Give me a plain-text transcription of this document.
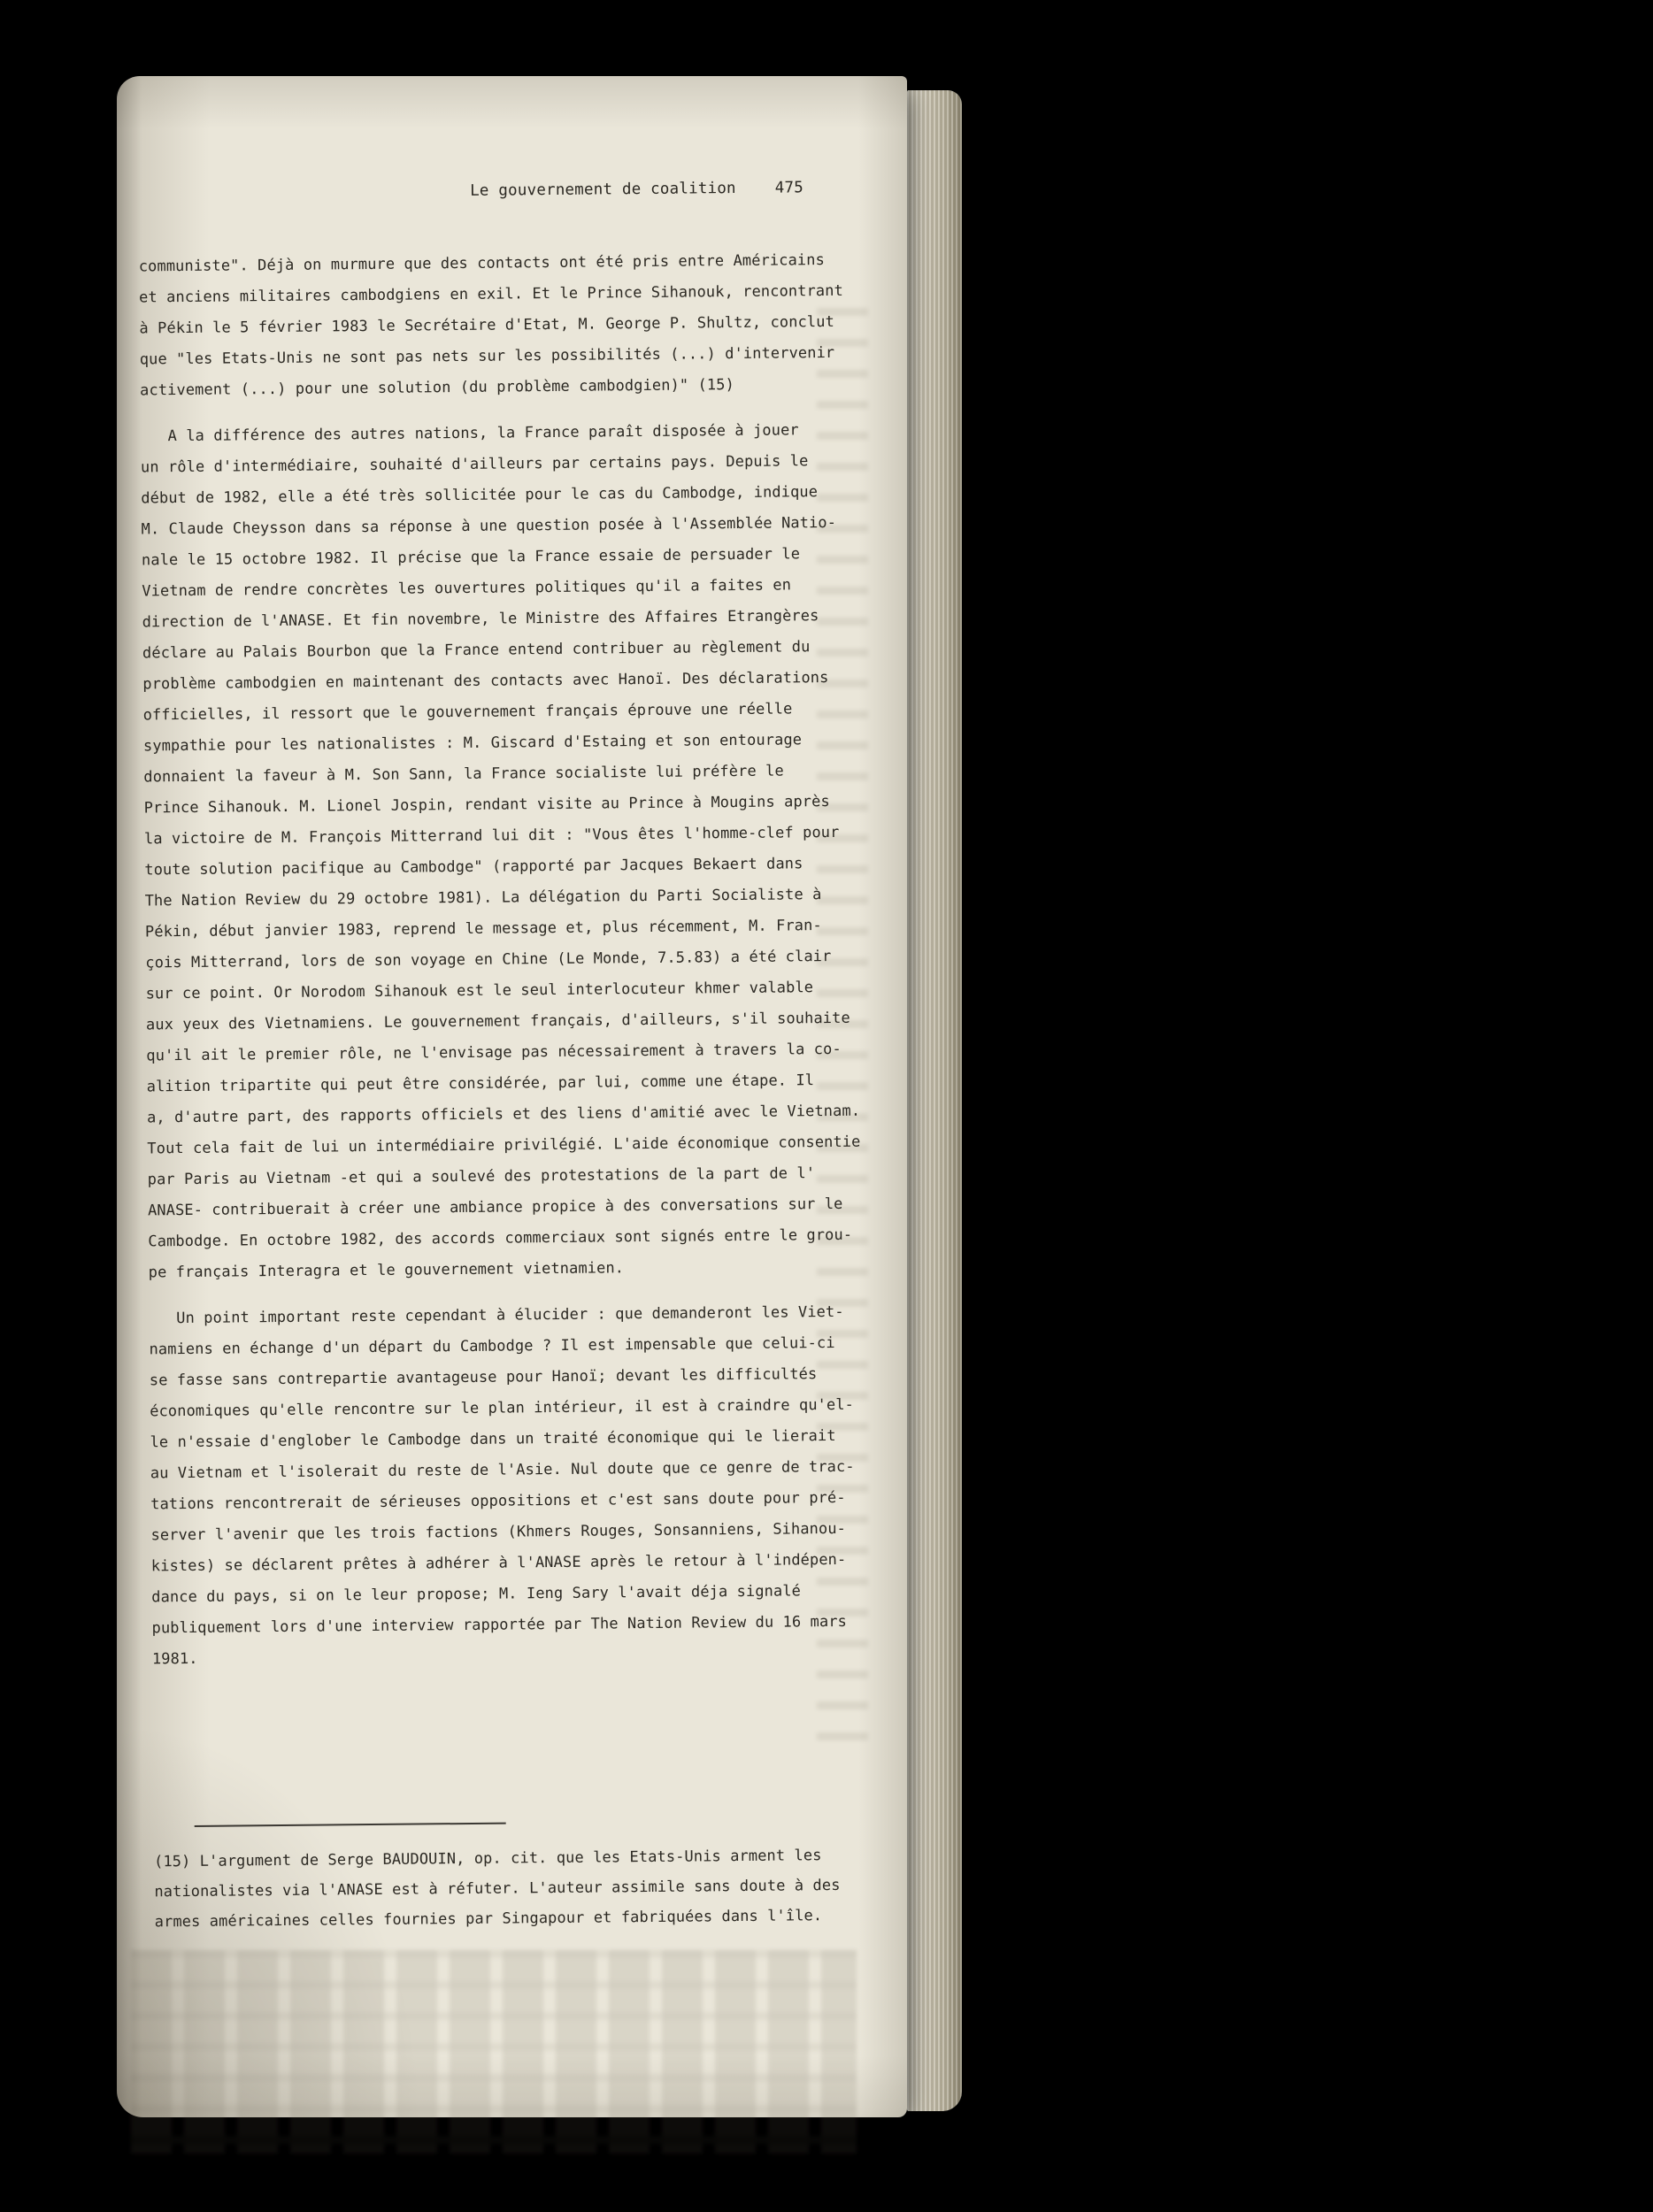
Le gouvernement de coalition	475
communiste". Déjà on murmure que des contacts ont été pris entre Américains
et anciens militaires cambodgiens en exil. Et le Prince Sihanouk, rencontrant
à Pékin le 5 février 1983 le Secrétaire d'Etat, M. George P. Shultz, conclut
que "les Etats-Unis ne sont pas nets sur les possibilités (...) d'intervenir
activement (...) pour une solution (du problème cambodgien)" (15)
A la différence des autres nations, la France paraît disposée à jouer
un rôle d'intermédiaire, souhaité d'ailleurs par certains pays. Depuis le
début de 1982, elle a été très sollicitée pour le cas du Cambodge, indique
M. Claude Cheysson dans sa réponse à une question posée à l'Assemblée Natio-
nale le 15 octobre 1982. Il précise que la France essaie de persuader le
Vietnam de rendre concrètes les ouvertures politiques qu'il a faites en
direction de l'ANASE. Et fin novembre, le Ministre des Affaires Etrangères
déclare au Palais Bourbon que la France entend contribuer au règlement du
problème cambodgien en maintenant des contacts avec Hanoï. Des déclarations
officielles, il ressort que le gouvernement français éprouve une réelle
sympathie pour les nationalistes : M. Giscard d'Estaing et son entourage
donnaient la faveur à M. Son Sann, la France socialiste lui préfère le
Prince Sihanouk. M. Lionel Jospin, rendant visite au Prince à Mougins après
la victoire de M. François Mitterrand lui dit : "Vous êtes l'homme-clef pour
toute solution pacifique au Cambodge" (rapporté par Jacques Bekaert dans
The Nation Review du 29 octobre 1981). La délégation du Parti Socialiste à
Pékin, début janvier 1983, reprend le message et, plus récemment, M. Fran-
çois Mitterrand, lors de son voyage en Chine (Le Monde, 7.5.83) a été clair
sur ce point. Or Norodom Sihanouk est le seul interlocuteur khmer valable
aux yeux des Vietnamiens. Le gouvernement français, d'ailleurs, s'il souhaite
qu'il ait le premier rôle, ne l'envisage pas nécessairement à travers la co-
alition tripartite qui peut être considérée, par lui, comme une étape. Il
a, d'autre part, des rapports officiels et des liens d'amitié avec le Vietnam.
Tout cela fait de lui un intermédiaire privilégié. L'aide économique consentie
par Paris au Vietnam -et qui a soulevé des protestations de la part de l'
ANASE- contribuerait à créer une ambiance propice à des conversations sur le
Cambodge. En octobre 1982, des accords commerciaux sont signés entre le grou-
pe français Interagra et le gouvernement vietnamien.
Un point important reste cependant à élucider : que demanderont les Viet-
namiens en échange d'un départ du Cambodge ? Il est impensable que celui-ci
se fasse sans contrepartie avantageuse pour Hanoï; devant les difficultés
économiques qu'elle rencontre sur le plan intérieur, il est à craindre qu'el-
le n'essaie d'englober le Cambodge dans un traité économique qui le lierait
au Vietnam et l'isolerait du reste de l'Asie. Nul doute que ce genre de trac-
tations rencontrerait de sérieuses oppositions et c'est sans doute pour pré-
server l'avenir que les trois factions (Khmers Rouges, Sonsanniens, Sihanou-
kistes) se déclarent prêtes à adhérer à l'ANASE après le retour à l'indépen-
dance du pays, si on le leur propose; M. Ieng Sary l'avait déja signalé
publiquement lors d'une interview rapportée par The Nation Review du 16 mars
1981.
(15) L'argument de Serge BAUDOUIN, op. cit. que les Etats-Unis arment les
nationalistes via l'ANASE est à réfuter. L'auteur assimile sans doute à des
armes américaines celles fournies par Singapour et fabriquées dans l'île.
